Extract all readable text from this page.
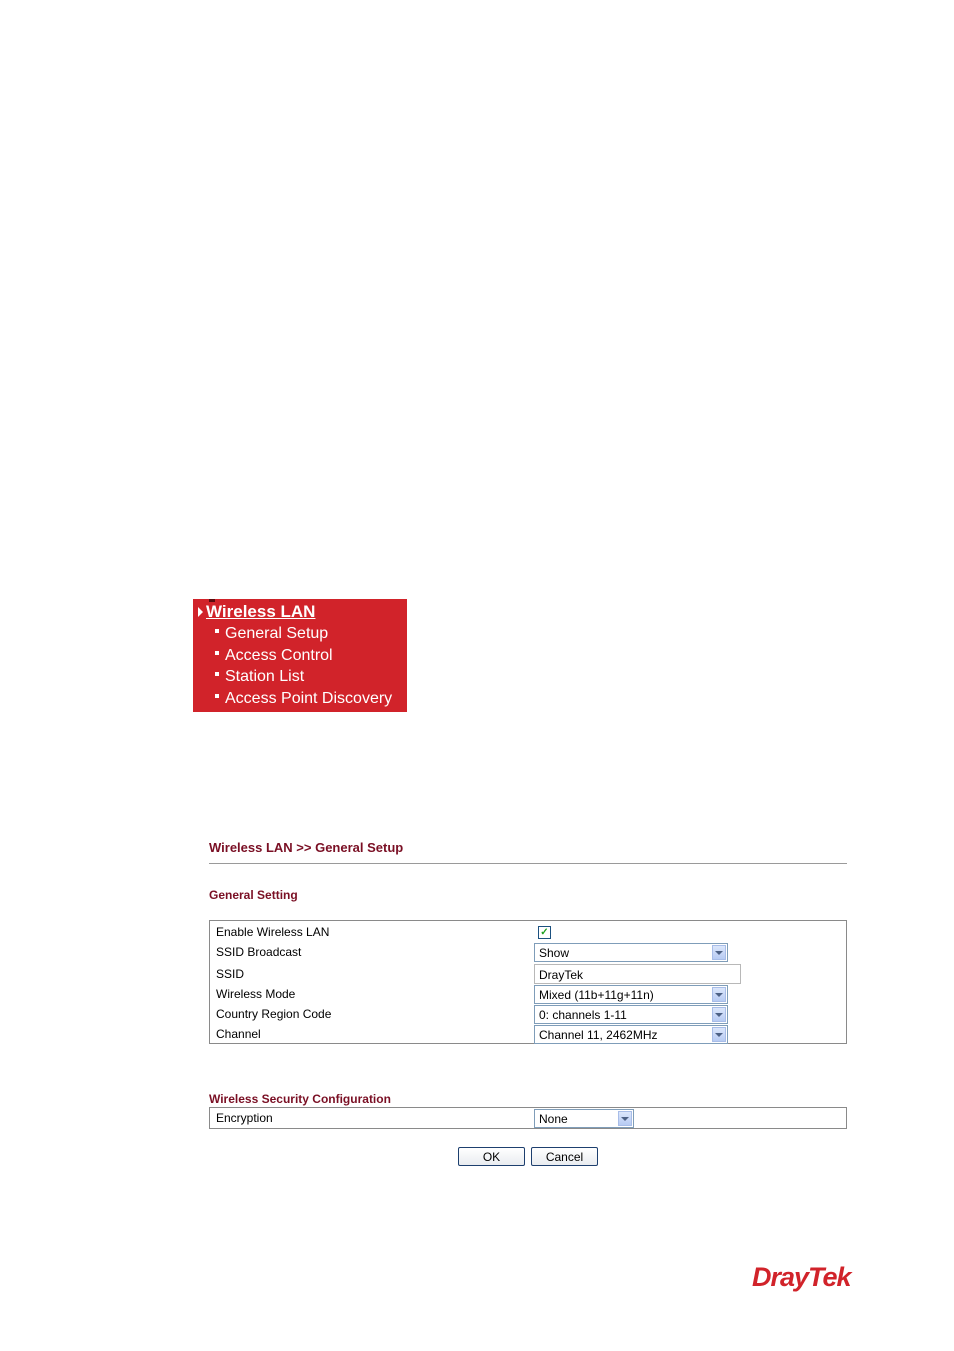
Wireless LAN
General Setup
Access Control
Station List
Access Point Discovery
Wireless LAN >> General Setup
General Setting
Enable Wireless LAN	✓
SSID Broadcast	Show
SSID	DrayTek
Wireless Mode	Mixed (11b+11g+11n)
Country Region Code	0: channels 1-11
Channel	Channel 11, 2462MHz
Wireless Security Configuration
Encryption	None
OK	Cancel
DrayTek
